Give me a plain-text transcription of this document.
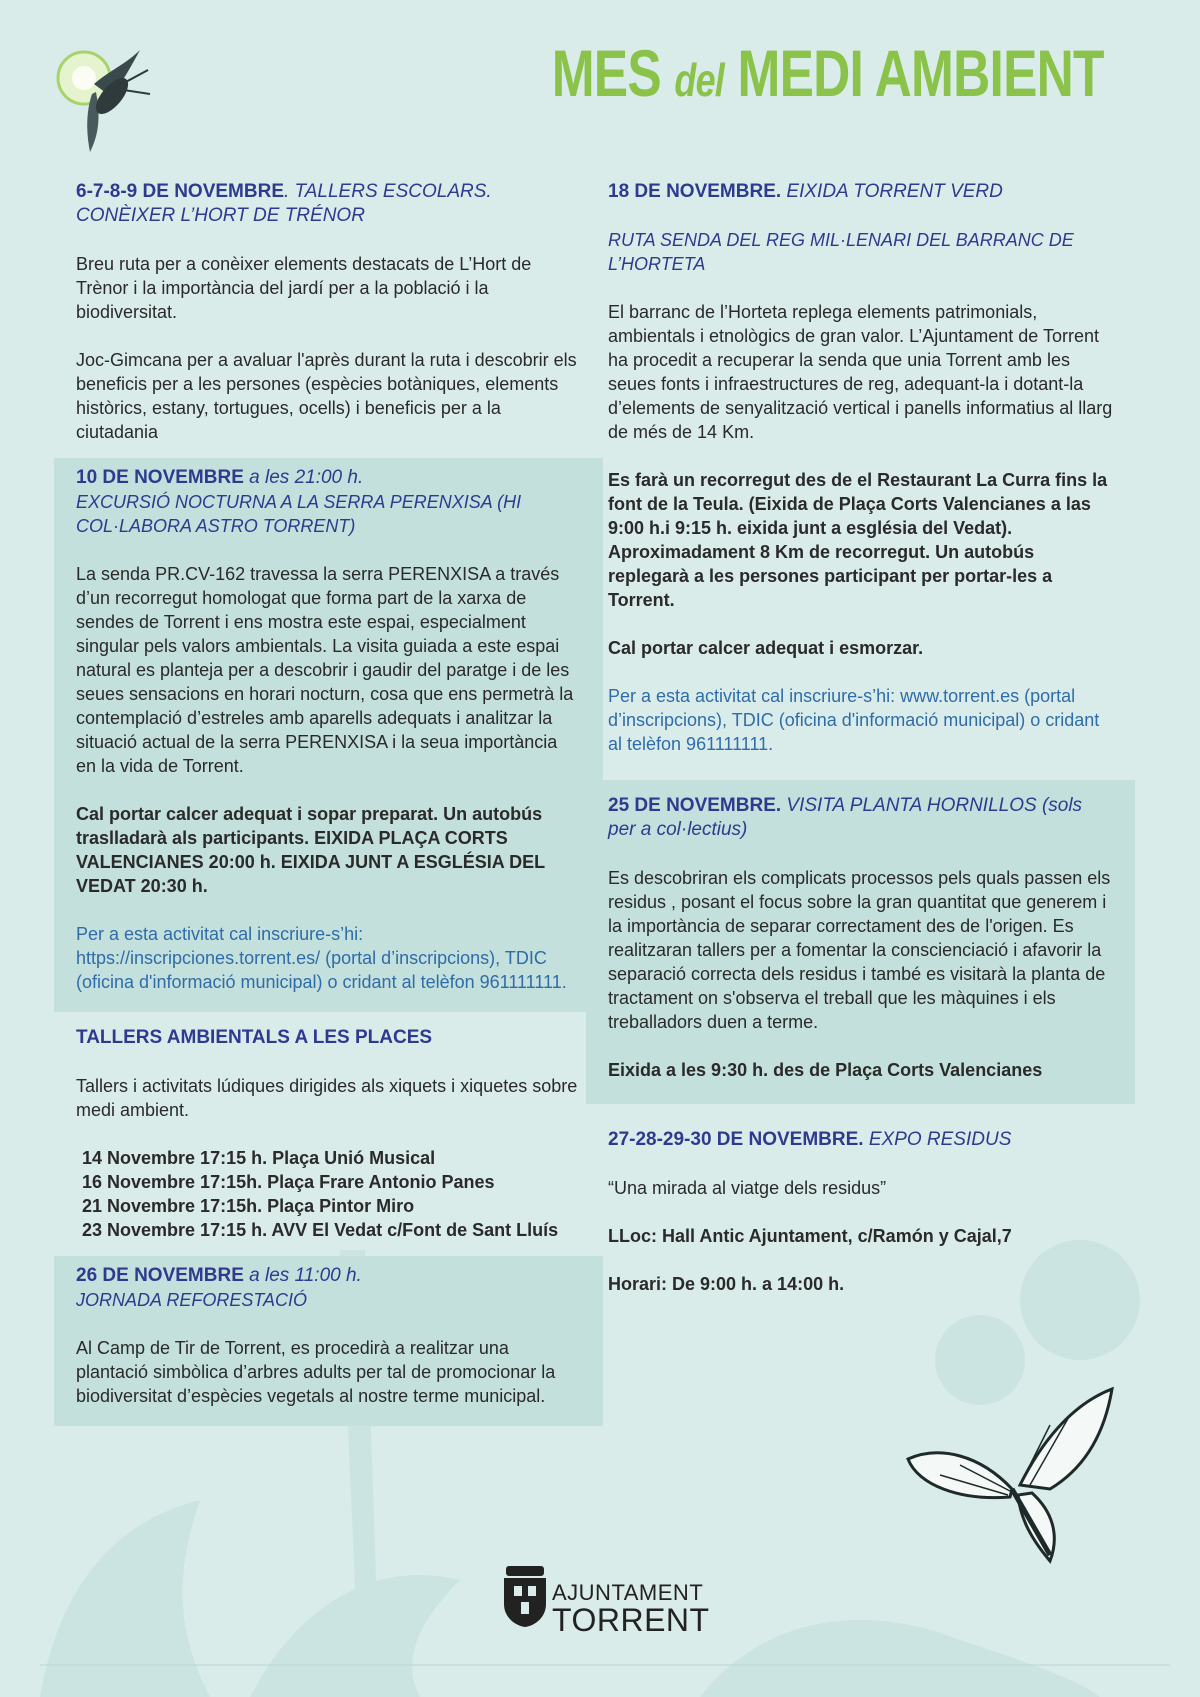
MES del MEDI AMBIENT
6-7-8-9 DE NOVEMBRE. TALLERS ESCOLARS. CONÈIXER L’HORT DE TRÉNOR

Breu ruta per a conèixer elements destacats de L’Hort de Trènor i la importància del jardí per a la població i la biodiversitat.

Joc-Gimcana per a avaluar l'après durant la ruta i descobrir els beneficis per a les persones (espècies botàniques, elements històrics, estany, tortugues, ocells) i beneficis per a la ciutadania

10 DE NOVEMBRE a les 21:00 h.

EXCURSIÓ NOCTURNA A LA SERRA PERENXISA (HI COL·LABORA ASTRO TORRENT)

La senda PR.CV-162 travessa la serra PERENXISA a través d’un recorregut homologat que forma part de la xarxa de sendes de Torrent i ens mostra este espai, especialment singular pels valors ambientals. La visita guiada a este espai natural es planteja per a descobrir i gaudir del paratge i de les seues sensacions en horari nocturn, cosa que ens permetrà la contemplació d’estreles amb aparells adequats i analitzar la situació actual de la serra PERENXISA i la seua importància en la vida de Torrent.

Cal portar calcer adequat i sopar preparat. Un autobús traslladarà als participants. EIXIDA PLAÇA CORTS VALENCIANES 20:00 h. EIXIDA JUNT A ESGLÉSIA DEL VEDAT 20:30 h.

Per a esta activitat cal inscriure-s’hi: https://inscripciones.torrent.es/ (portal d’inscripcions), TDIC (oficina d'informació municipal) o cridant al telèfon 961111111.

TALLERS AMBIENTALS A LES PLACES

Tallers i activitats lúdiques dirigides als xiquets i xiquetes sobre medi ambient.

14 Novembre 17:15 h. Plaça Unió Musical
16 Novembre 17:15h. Plaça Frare Antonio Panes
21 Novembre 17:15h. Plaça Pintor Miro
23 Novembre 17:15 h. AVV El Vedat c/Font de Sant Lluís
26 DE NOVEMBRE a les 11:00 h.

JORNADA REFORESTACIÓ

Al Camp de Tir de Torrent, es procedirà a realitzar una plantació simbòlica d’arbres adults per tal de promocionar la biodiversitat d’espècies vegetals al nostre terme municipal.

18 DE NOVEMBRE. EIXIDA TORRENT VERD

RUTA SENDA DEL REG MIL·LENARI DEL BARRANC DE L’HORTETA

El barranc de l’Horteta replega elements patrimonials, ambientals i etnològics de gran valor. L’Ajuntament de Torrent ha procedit a recuperar la senda que unia Torrent amb les seues fonts i infraestructures de reg, adequant-la i dotant-la d’elements de senyalització vertical i panells informatius al llarg de més de 14 Km.

Es farà un recorregut des de el Restaurant La Curra fins la font de la Teula. (Eixida de Plaça Corts Valencianes a las 9:00 h.i 9:15 h. eixida junt a església del Vedat). Aproximadament 8 Km de recorregut. Un autobús replegarà a les persones participant per portar-les a Torrent.

Cal portar calcer adequat i esmorzar.

Per a esta activitat cal inscriure-s’hi: www.torrent.es (portal d’inscripcions), TDIC (oficina d'informació municipal) o cridant al telèfon 961111111.

25 DE NOVEMBRE. VISITA PLANTA HORNILLOS (sols per a col·lectius)

Es descobriran els complicats processos pels quals passen els residus , posant el focus sobre la gran quantitat que generem i la importància de separar correctament des de l'origen. Es realitzaran tallers per a fomentar la conscienciació i afavorir la separació correcta dels residus i també es visitarà la planta de tractament on s'observa el treball que les màquines i els treballadors duen a terme.

Eixida a les 9:30 h. des de Plaça Corts Valencianes

27-28-29-30 DE NOVEMBRE. EXPO RESIDUS

“Una mirada al viatge dels residus”

LLoc: Hall Antic Ajuntament, c/Ramón y Cajal,7

Horari: De 9:00 h. a 14:00 h.

AJUNTAMENT
TORRENT
